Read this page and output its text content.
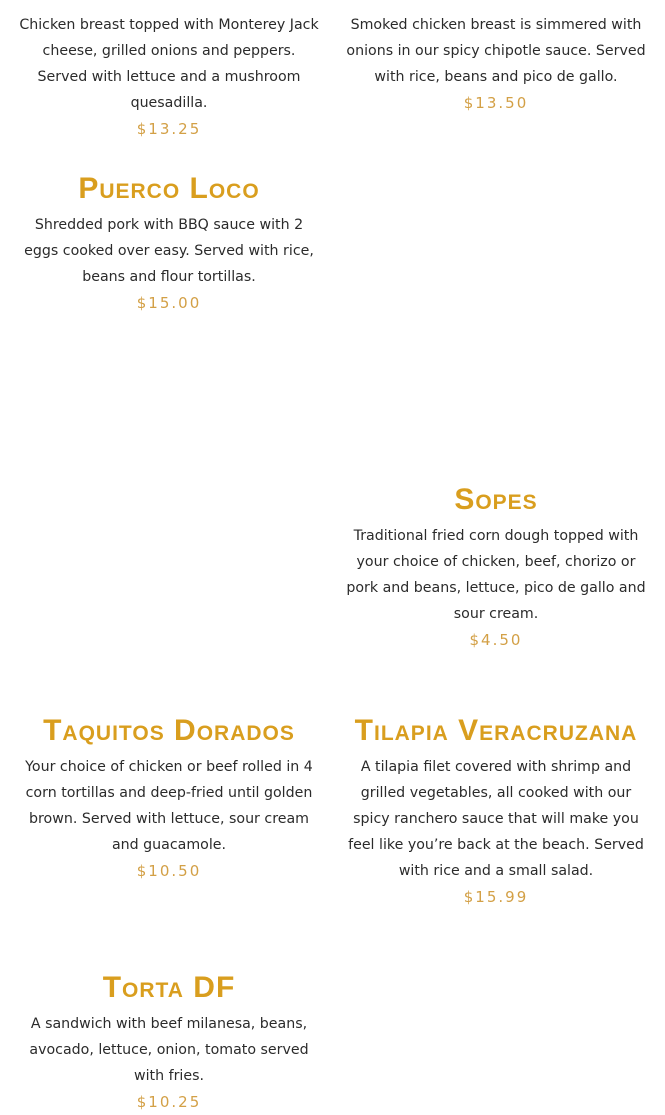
Chicken breast topped with Monterey Jack cheese, grilled onions and peppers. Served with lettuce and a mushroom quesadilla.

$13.25

Smoked chicken breast is simmered with onions in our spicy chipotle sauce. Served with rice, beans and pico de gallo.

$13.50
Puerco Loco

Shredded pork with BBQ sauce with 2 eggs cooked over easy. Served with rice, beans and flour tortillas.

$15.00
Sopes

Traditional fried corn dough topped with your choice of chicken, beef, chorizo or pork and beans, lettuce, pico de gallo and sour cream.

$4.50
Taquitos Dorados

Your choice of chicken or beef rolled in 4 corn tortillas and deep-fried until golden brown. Served with lettuce, sour cream and guacamole.

$10.50
Tilapia Veracruzana

A tilapia filet covered with shrimp and grilled vegetables, all cooked with our spicy ranchero sauce that will make you feel like you’re back at the beach. Served with rice and a small salad.

$15.99
Torta DF

A sandwich with beef milanesa, beans, avocado, lettuce, onion, tomato served with fries.

$10.25
